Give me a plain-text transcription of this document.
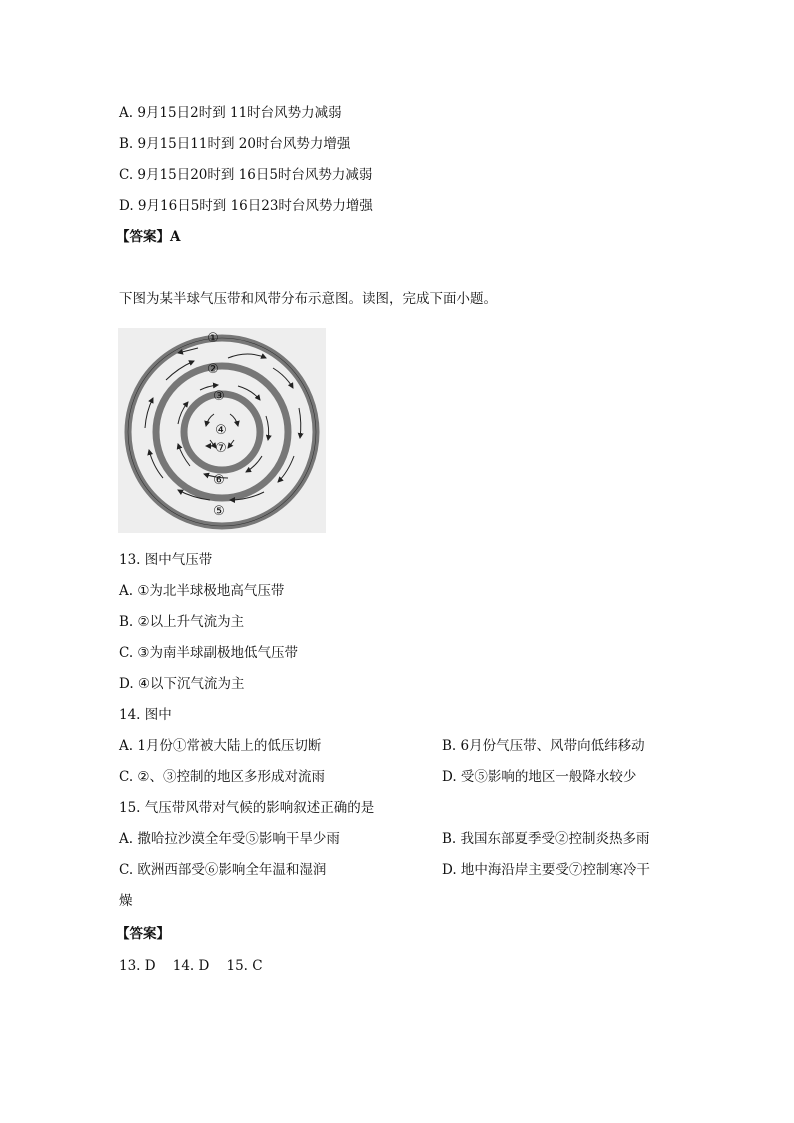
A. 9月15日2时到 11时台风势力减弱
B. 9月15日11时到 20时台风势力增强
C. 9月15日20时到 16日5时台风势力减弱
D. 9月16日5时到 16日23时台风势力增强
【答案】A
下图为某半球气压带和风带分布示意图。读图，完成下面小题。
①
②
③
④
⑤
⑥
⑦
13. 图中气压带
A. ①为北半球极地高气压带
B. ②以上升气流为主
C. ③为南半球副极地低气压带
D. ④以下沉气流为主
14. 图中
A. 1月份①常被大陆上的低压切断	B. 6月份气压带、风带向低纬移动
C. ②、③控制的地区多形成对流雨	D. 受⑤影响的地区一般降水较少
15. 气压带风带对气候的影响叙述正确的是
A. 撒哈拉沙漠全年受⑤影响干旱少雨	B. 我国东部夏季受②控制炎热多雨
C. 欧洲西部受⑥影响全年温和湿润	D. 地中海沿岸主要受⑦控制寒冷干
燥
【答案】
13. D    14. D    15. C
